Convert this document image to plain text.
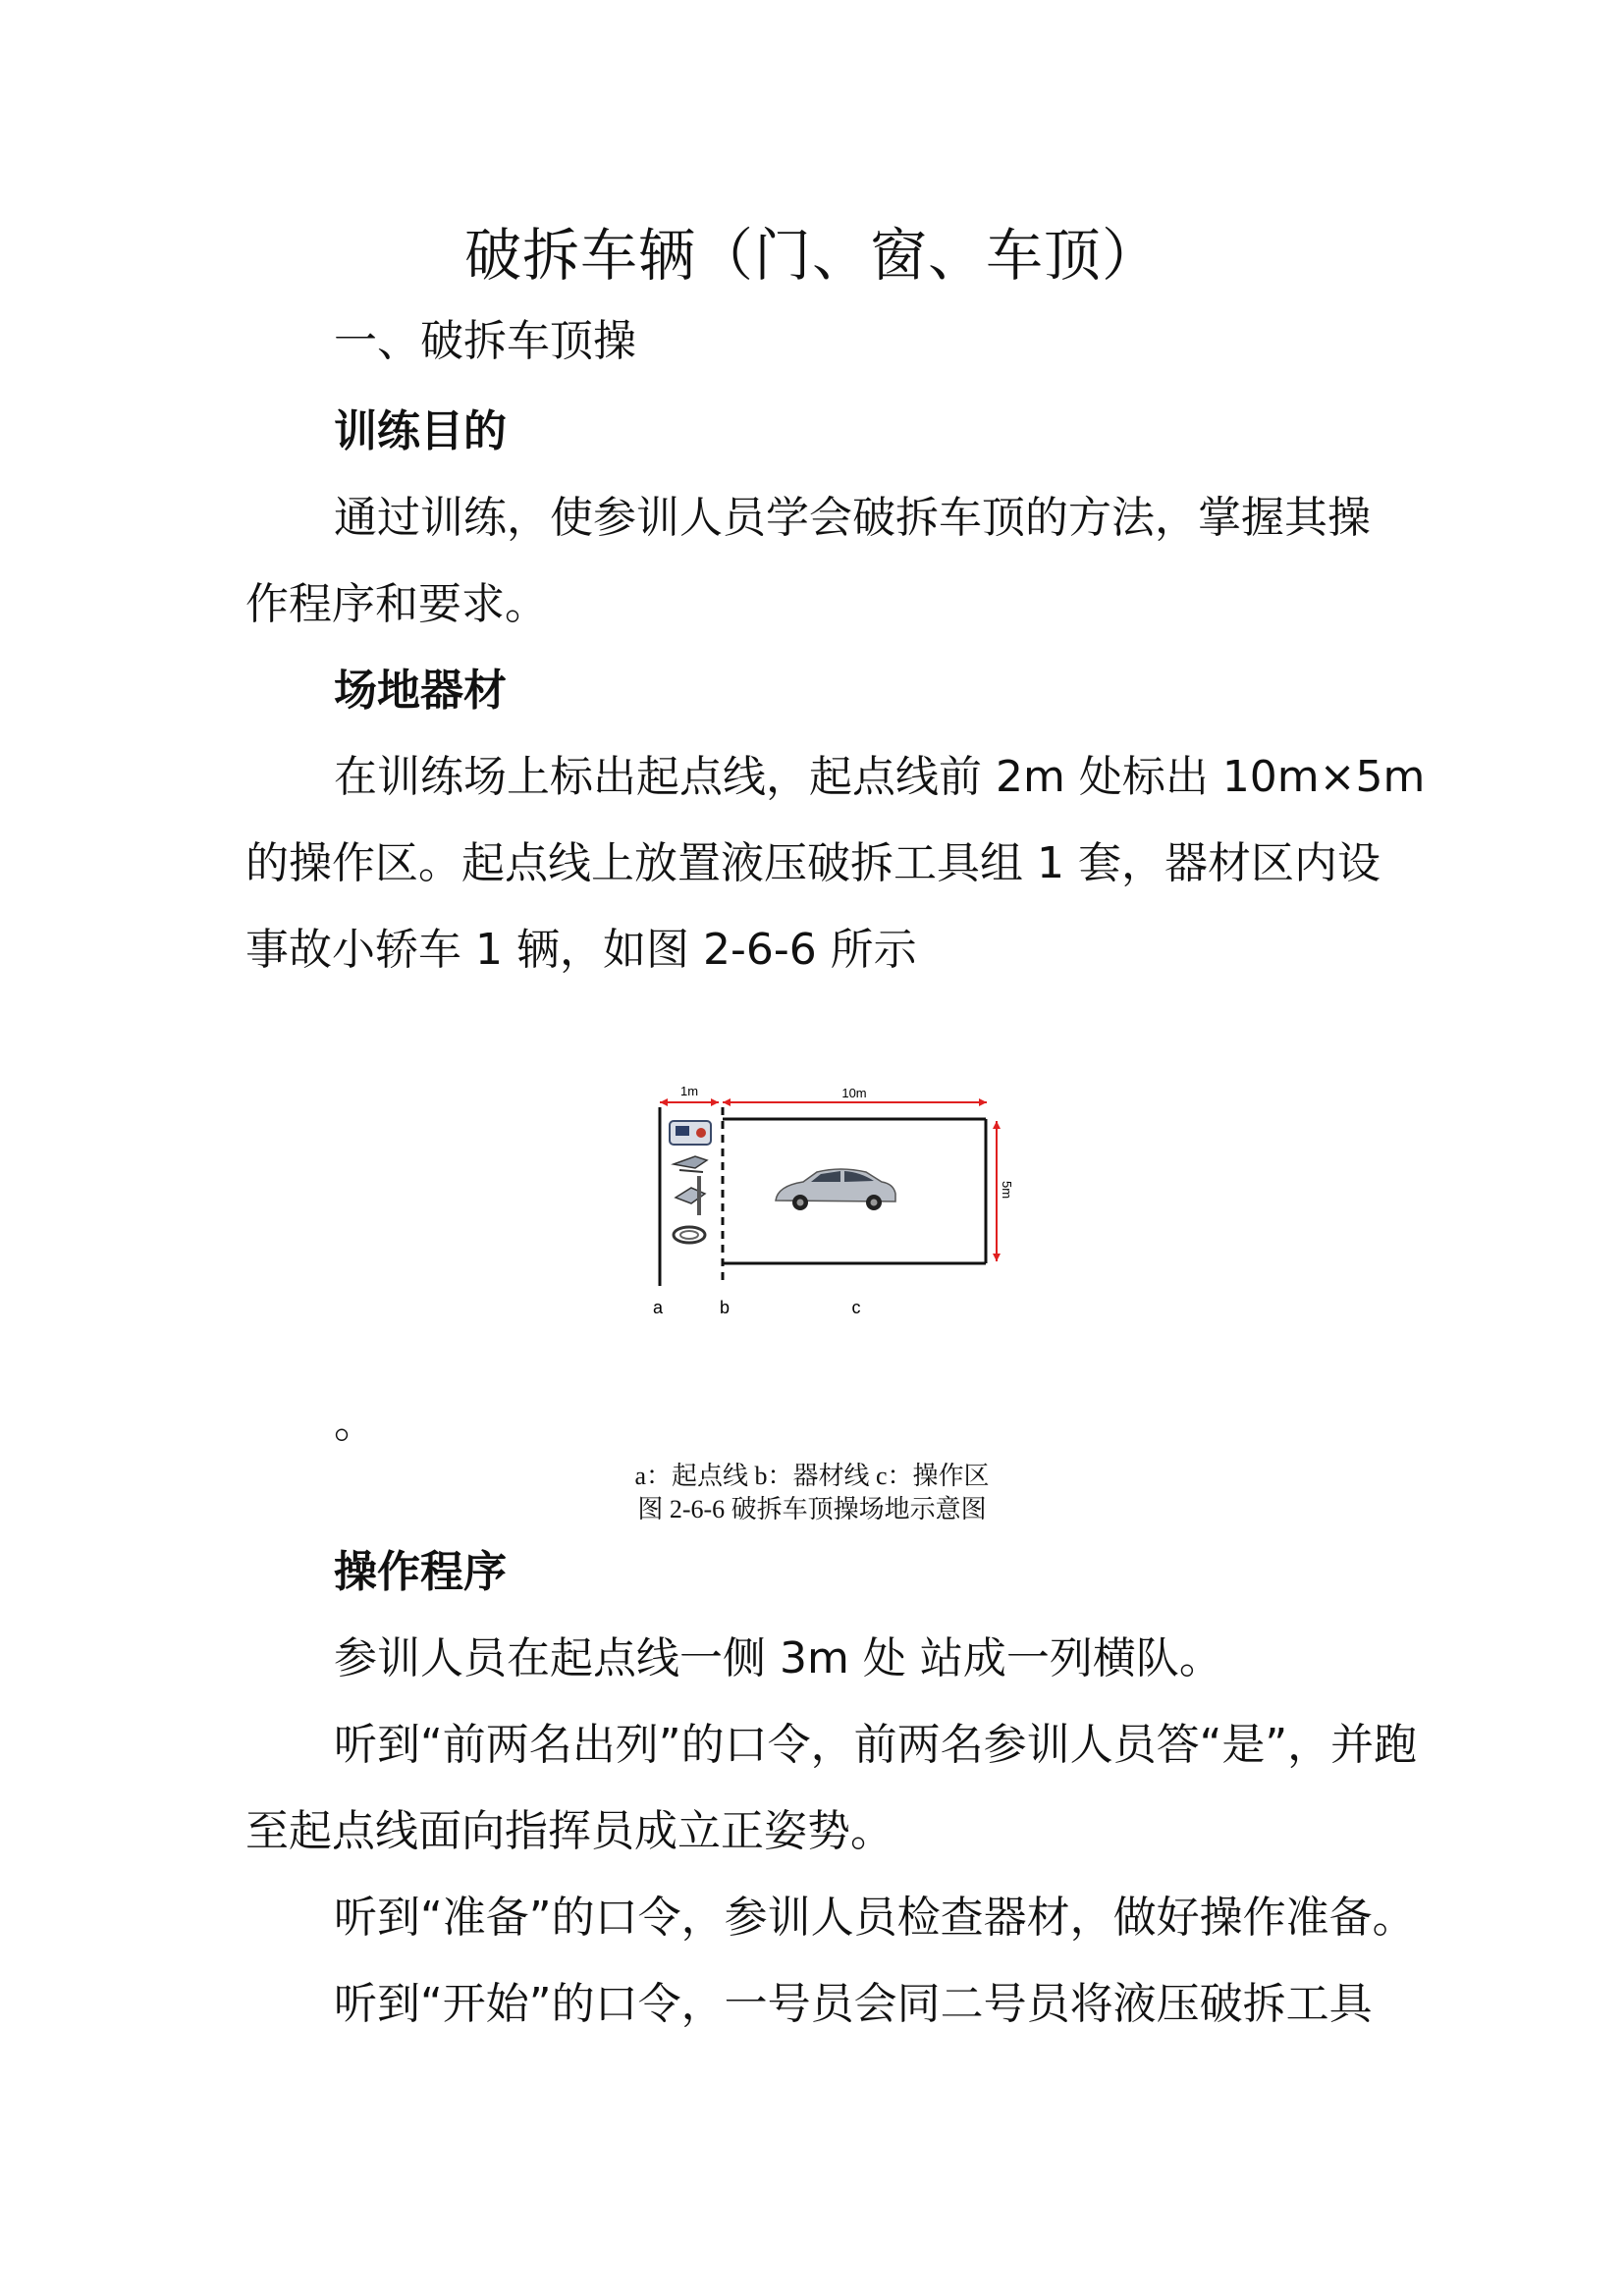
破拆车辆（门、窗、车顶）
一、破拆车顶操
训练目的
通过训练，使参训人员学会破拆车顶的方法，掌握其操
作程序和要求。
场地器材
在训练场上标出起点线，起点线前 2m 处标出 10m×5m
的操作区。起点线上放置液压破拆工具组 1 套，器材区内设
事故小轿车 1 辆，如图 2-6-6 所示
1m	10m
5m
a	b	c
。
a：起点线 b：器材线 c：操作区
图 2-6-6 破拆车顶操场地示意图
操作程序
参训人员在起点线一侧 3m 处 站成一列横队。
听到“前两名出列”的口令，前两名参训人员答“是”，并跑
至起点线面向指挥员成立正姿势。
听到“准备”的口令，参训人员检查器材，做好操作准备。
听到“开始”的口令，一号员会同二号员将液压破拆工具
